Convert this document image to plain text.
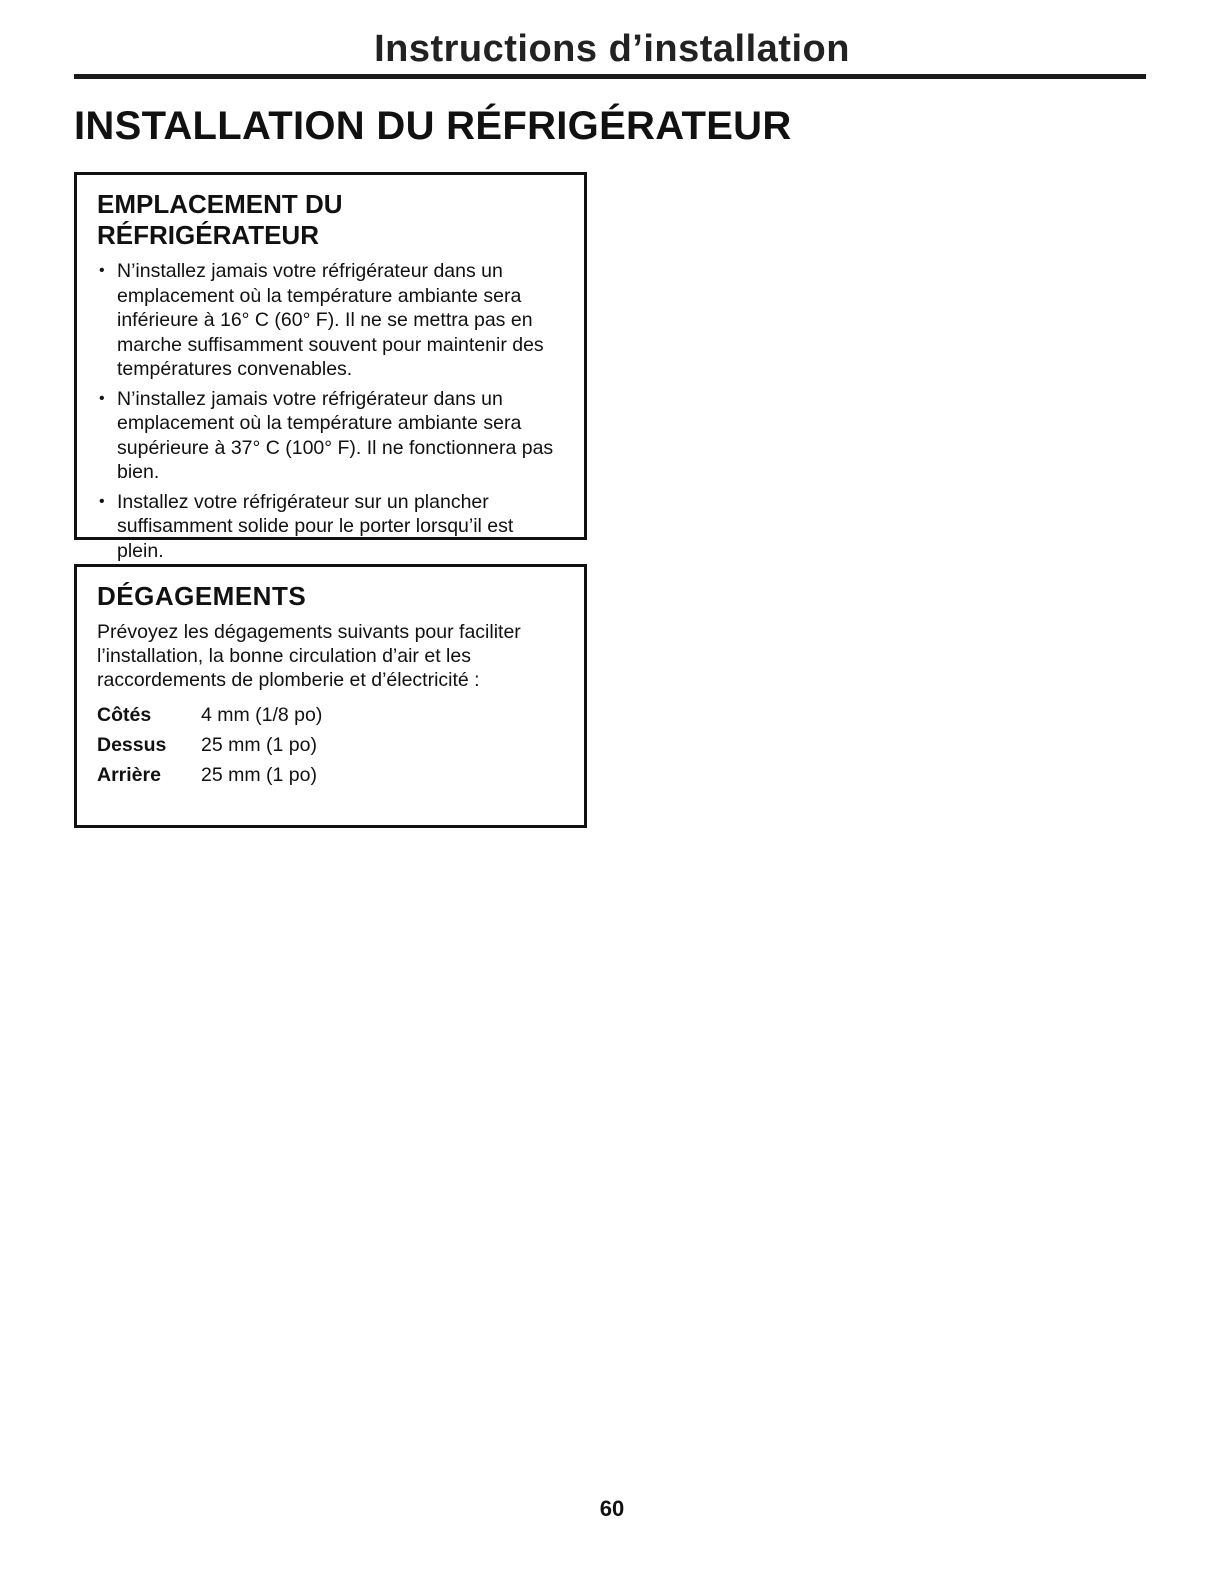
Instructions d’installation
INSTALLATION DU RÉFRIGÉRATEUR
EMPLACEMENT DU RÉFRIGÉRATEUR
• N’installez jamais votre réfrigérateur dans un emplacement où la température ambiante sera inférieure à 16° C (60° F). Il ne se mettra pas en marche suffisamment souvent pour maintenir des températures convenables.
• N’installez jamais votre réfrigérateur dans un emplacement où la température ambiante sera supérieure à 37° C (100° F). Il ne fonctionnera pas bien.
• Installez votre réfrigérateur sur un plancher suffisamment solide pour le porter lorsqu’il est plein.
DÉGAGEMENTS

Prévoyez les dégagements suivants pour faciliter l’installation, la bonne circulation d’air et les raccordements de plomberie et d’électricité :

Côtés	4 mm (1/8 po)
Dessus	25 mm (1 po)
Arrière	25 mm (1 po)
60
